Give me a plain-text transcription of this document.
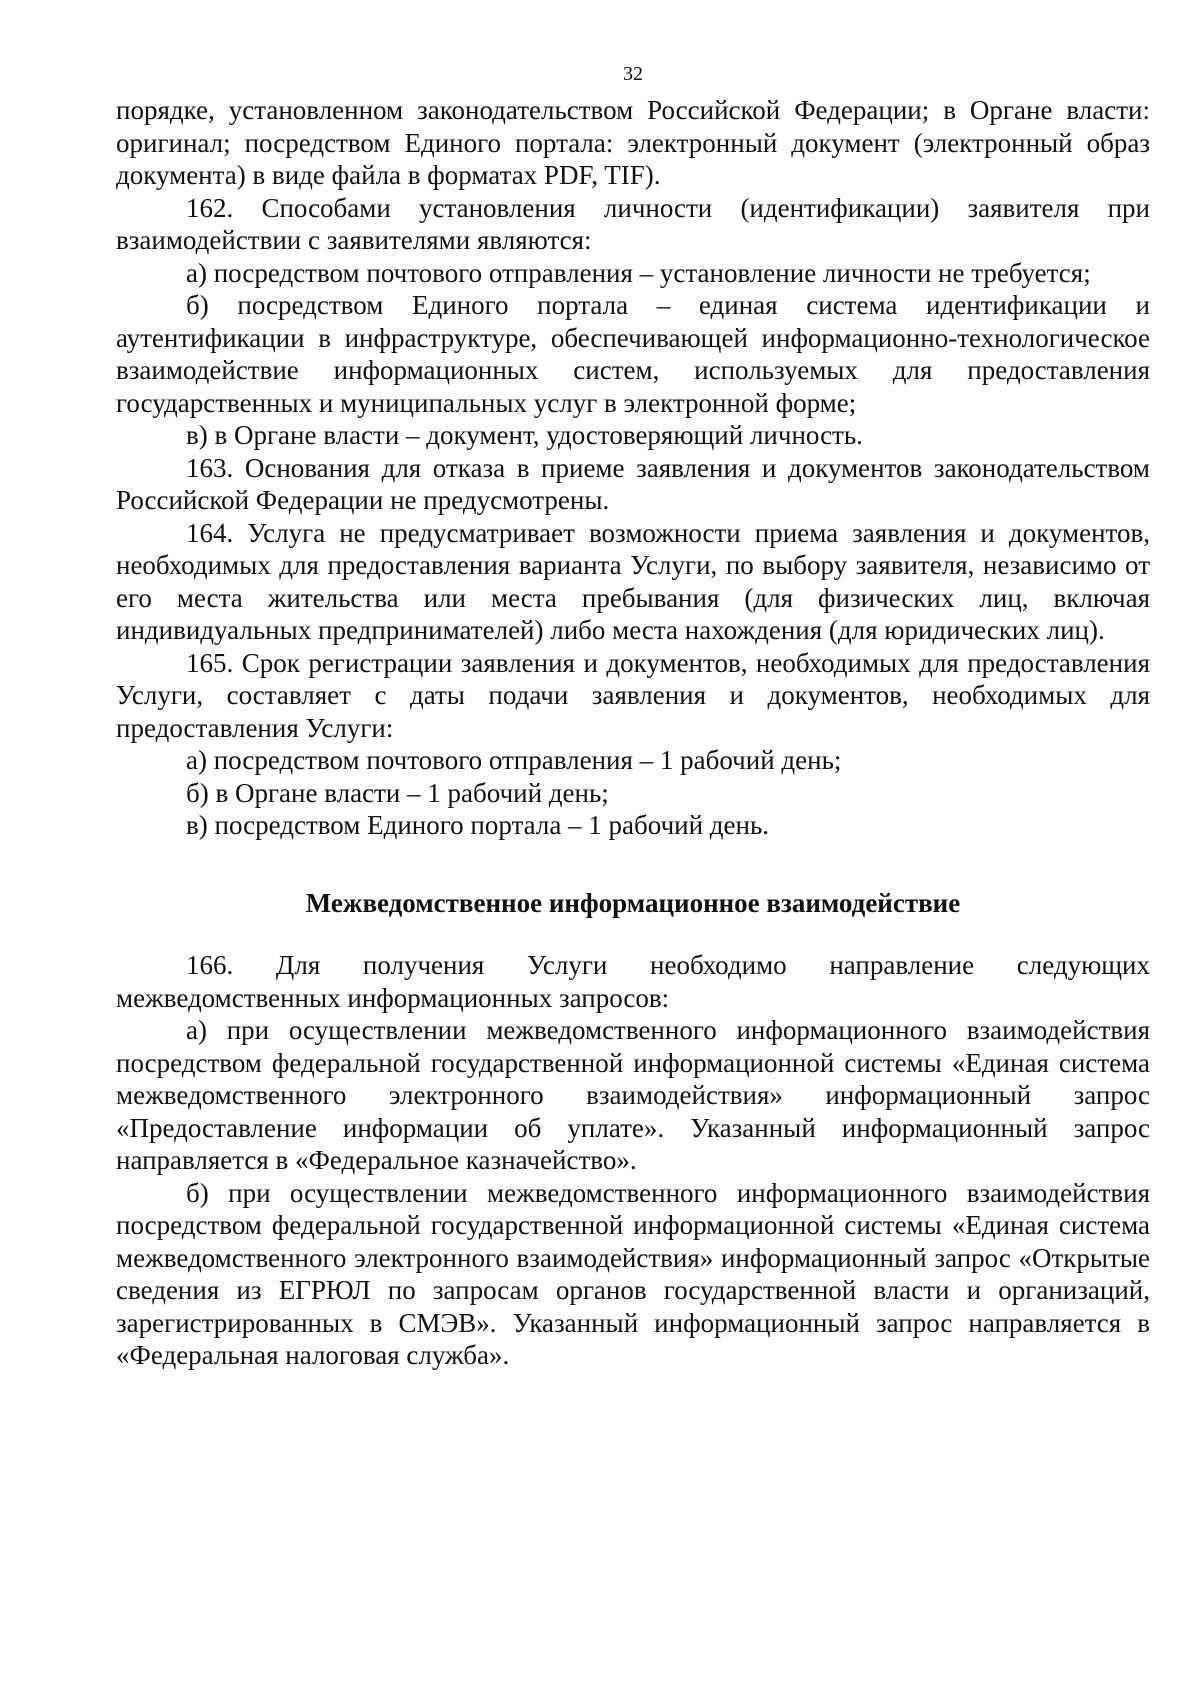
32

порядке, установленном законодательством Российской Федерации; в Органе власти: оригинал; посредством Единого портала: электронный документ (электронный образ документа) в виде файла в форматах PDF, TIF).

162. Способами установления личности (идентификации) заявителя при взаимодействии с заявителями являются:

а) посредством почтового отправления – установление личности не требуется;

б) посредством Единого портала – единая система идентификации и аутентификации в инфраструктуре, обеспечивающей информационно-технологическое взаимодействие информационных систем, используемых для предоставления государственных и муниципальных услуг в электронной форме;

в) в Органе власти – документ, удостоверяющий личность.

163. Основания для отказа в приеме заявления и документов законодательством Российской Федерации не предусмотрены.

164. Услуга не предусматривает возможности приема заявления и документов, необходимых для предоставления варианта Услуги, по выбору заявителя, независимо от его места жительства или места пребывания (для физических лиц, включая индивидуальных предпринимателей) либо места нахождения (для юридических лиц).

165. Срок регистрации заявления и документов, необходимых для предоставления Услуги, составляет с даты подачи заявления и документов, необходимых для предоставления Услуги:

а) посредством почтового отправления – 1 рабочий день;

б) в Органе власти – 1 рабочий день;

в) посредством Единого портала – 1 рабочий день.

Межведомственное информационное взаимодействие

166. Для получения Услуги необходимо направление следующих межведомственных информационных запросов:

а) при осуществлении межведомственного информационного взаимодействия посредством федеральной государственной информационной системы «Единая система межведомственного электронного взаимодействия» информационный запрос «Предоставление информации об уплате». Указанный информационный запрос направляется в «Федеральное казначейство».

б) при осуществлении межведомственного информационного взаимодействия посредством федеральной государственной информационной системы «Единая система межведомственного электронного взаимодействия» информационный запрос «Открытые сведения из ЕГРЮЛ по запросам органов государственной власти и организаций, зарегистрированных в СМЭВ». Указанный информационный запрос направляется в «Федеральная налоговая служба».
